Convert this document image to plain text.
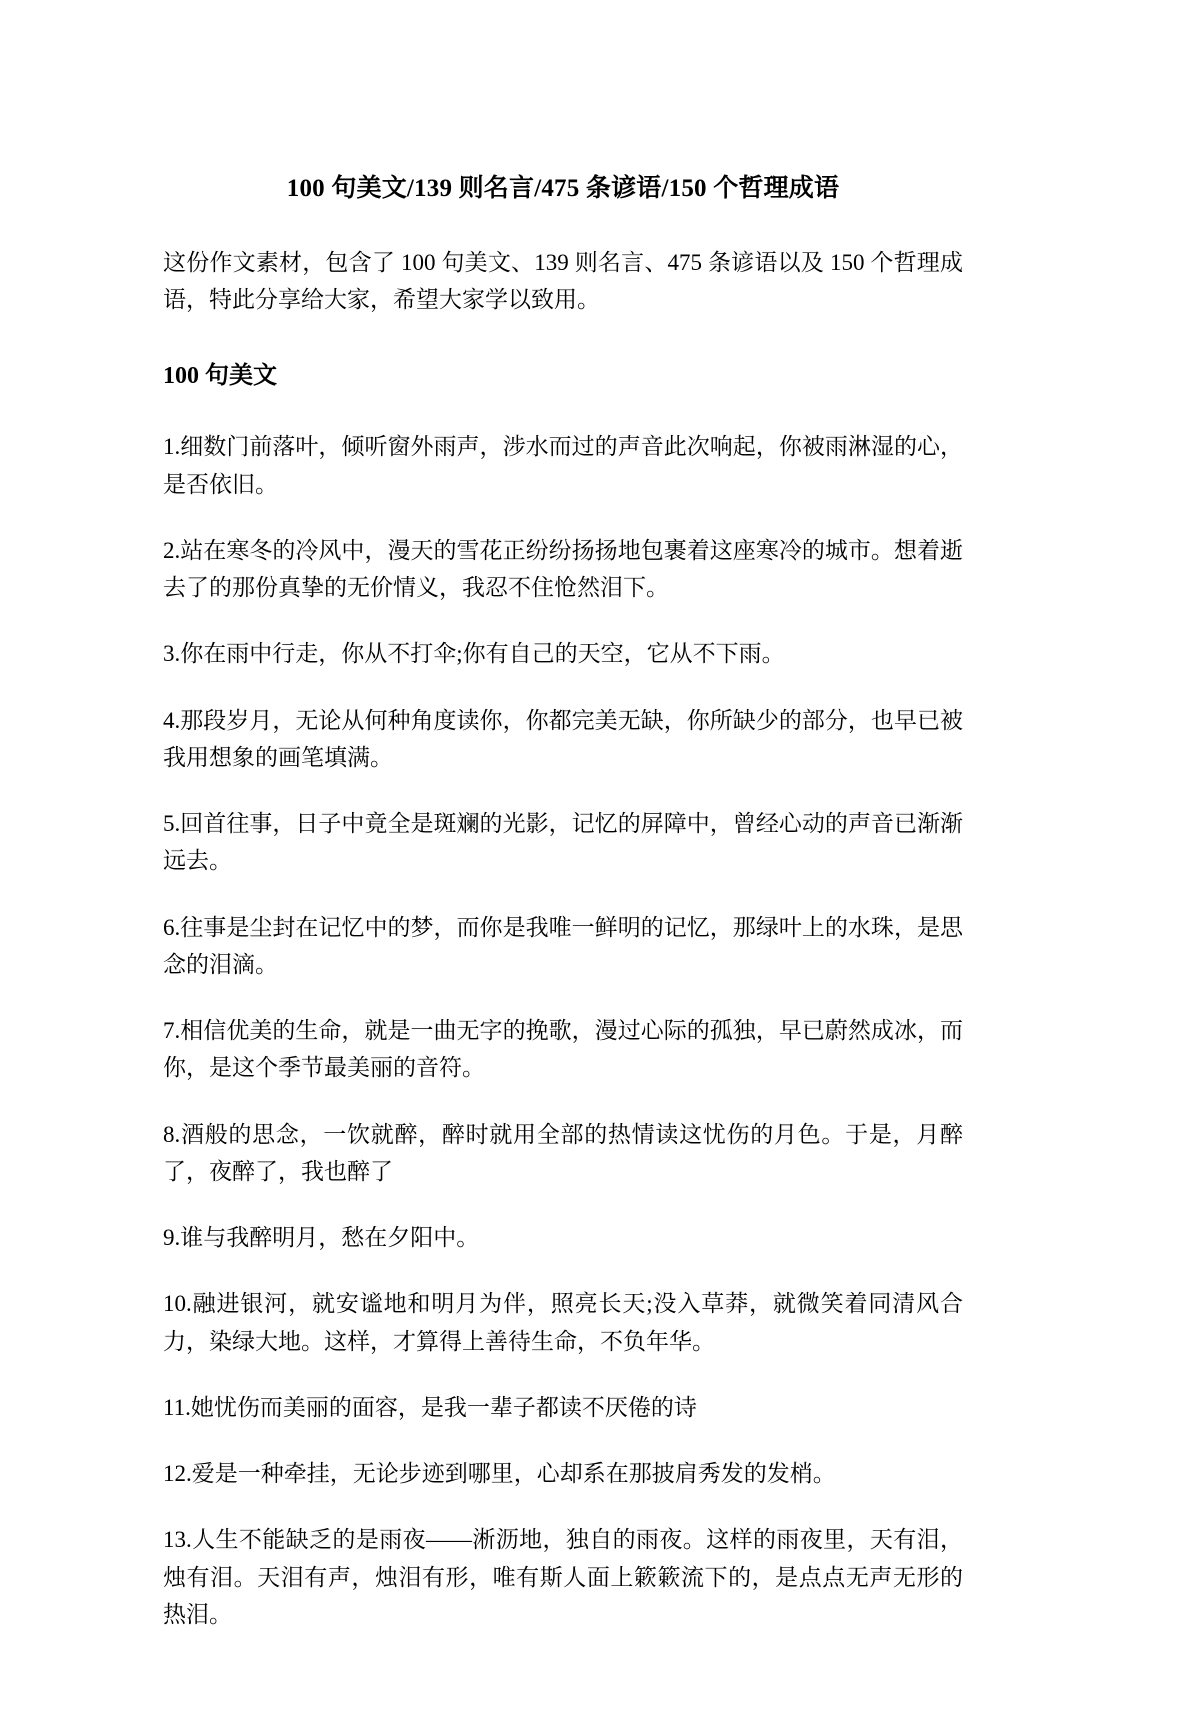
100 句美文/139 则名言/475 条谚语/150 个哲理成语

这份作文素材，包含了 100 句美文、139 则名言、475 条谚语以及 150 个哲理成语，特此分享给大家，希望大家学以致用。

100 句美文

1.细数门前落叶，倾听窗外雨声，涉水而过的声音此次响起，你被雨淋湿的心，是否依旧。

2.站在寒冬的冷风中，漫天的雪花正纷纷扬扬地包裹着这座寒冷的城市。想着逝去了的那份真挚的无价情义，我忍不住怆然泪下。

3.你在雨中行走，你从不打伞;你有自己的天空，它从不下雨。

4.那段岁月，无论从何种角度读你，你都完美无缺，你所缺少的部分，也早已被我用想象的画笔填满。

5.回首往事，日子中竟全是斑斓的光影，记忆的屏障中，曾经心动的声音已渐渐远去。

6.往事是尘封在记忆中的梦，而你是我唯一鲜明的记忆，那绿叶上的水珠，是思念的泪滴。

7.相信优美的生命，就是一曲无字的挽歌，漫过心际的孤独，早已蔚然成冰，而你，是这个季节最美丽的音符。

8.酒般的思念，一饮就醉，醉时就用全部的热情读这忧伤的月色。于是，月醉了，夜醉了，我也醉了

9.谁与我醉明月，愁在夕阳中。

10.融进银河，就安谧地和明月为伴，照亮长天;没入草莽，就微笑着同清风合力，染绿大地。这样，才算得上善待生命，不负年华。

11.她忧伤而美丽的面容，是我一辈子都读不厌倦的诗

12.爱是一种牵挂，无论步迹到哪里，心却系在那披肩秀发的发梢。

13.人生不能缺乏的是雨夜——淅沥地，独自的雨夜。这样的雨夜里，天有泪，烛有泪。天泪有声，烛泪有形，唯有斯人面上簌簌流下的，是点点无声无形的热泪。
